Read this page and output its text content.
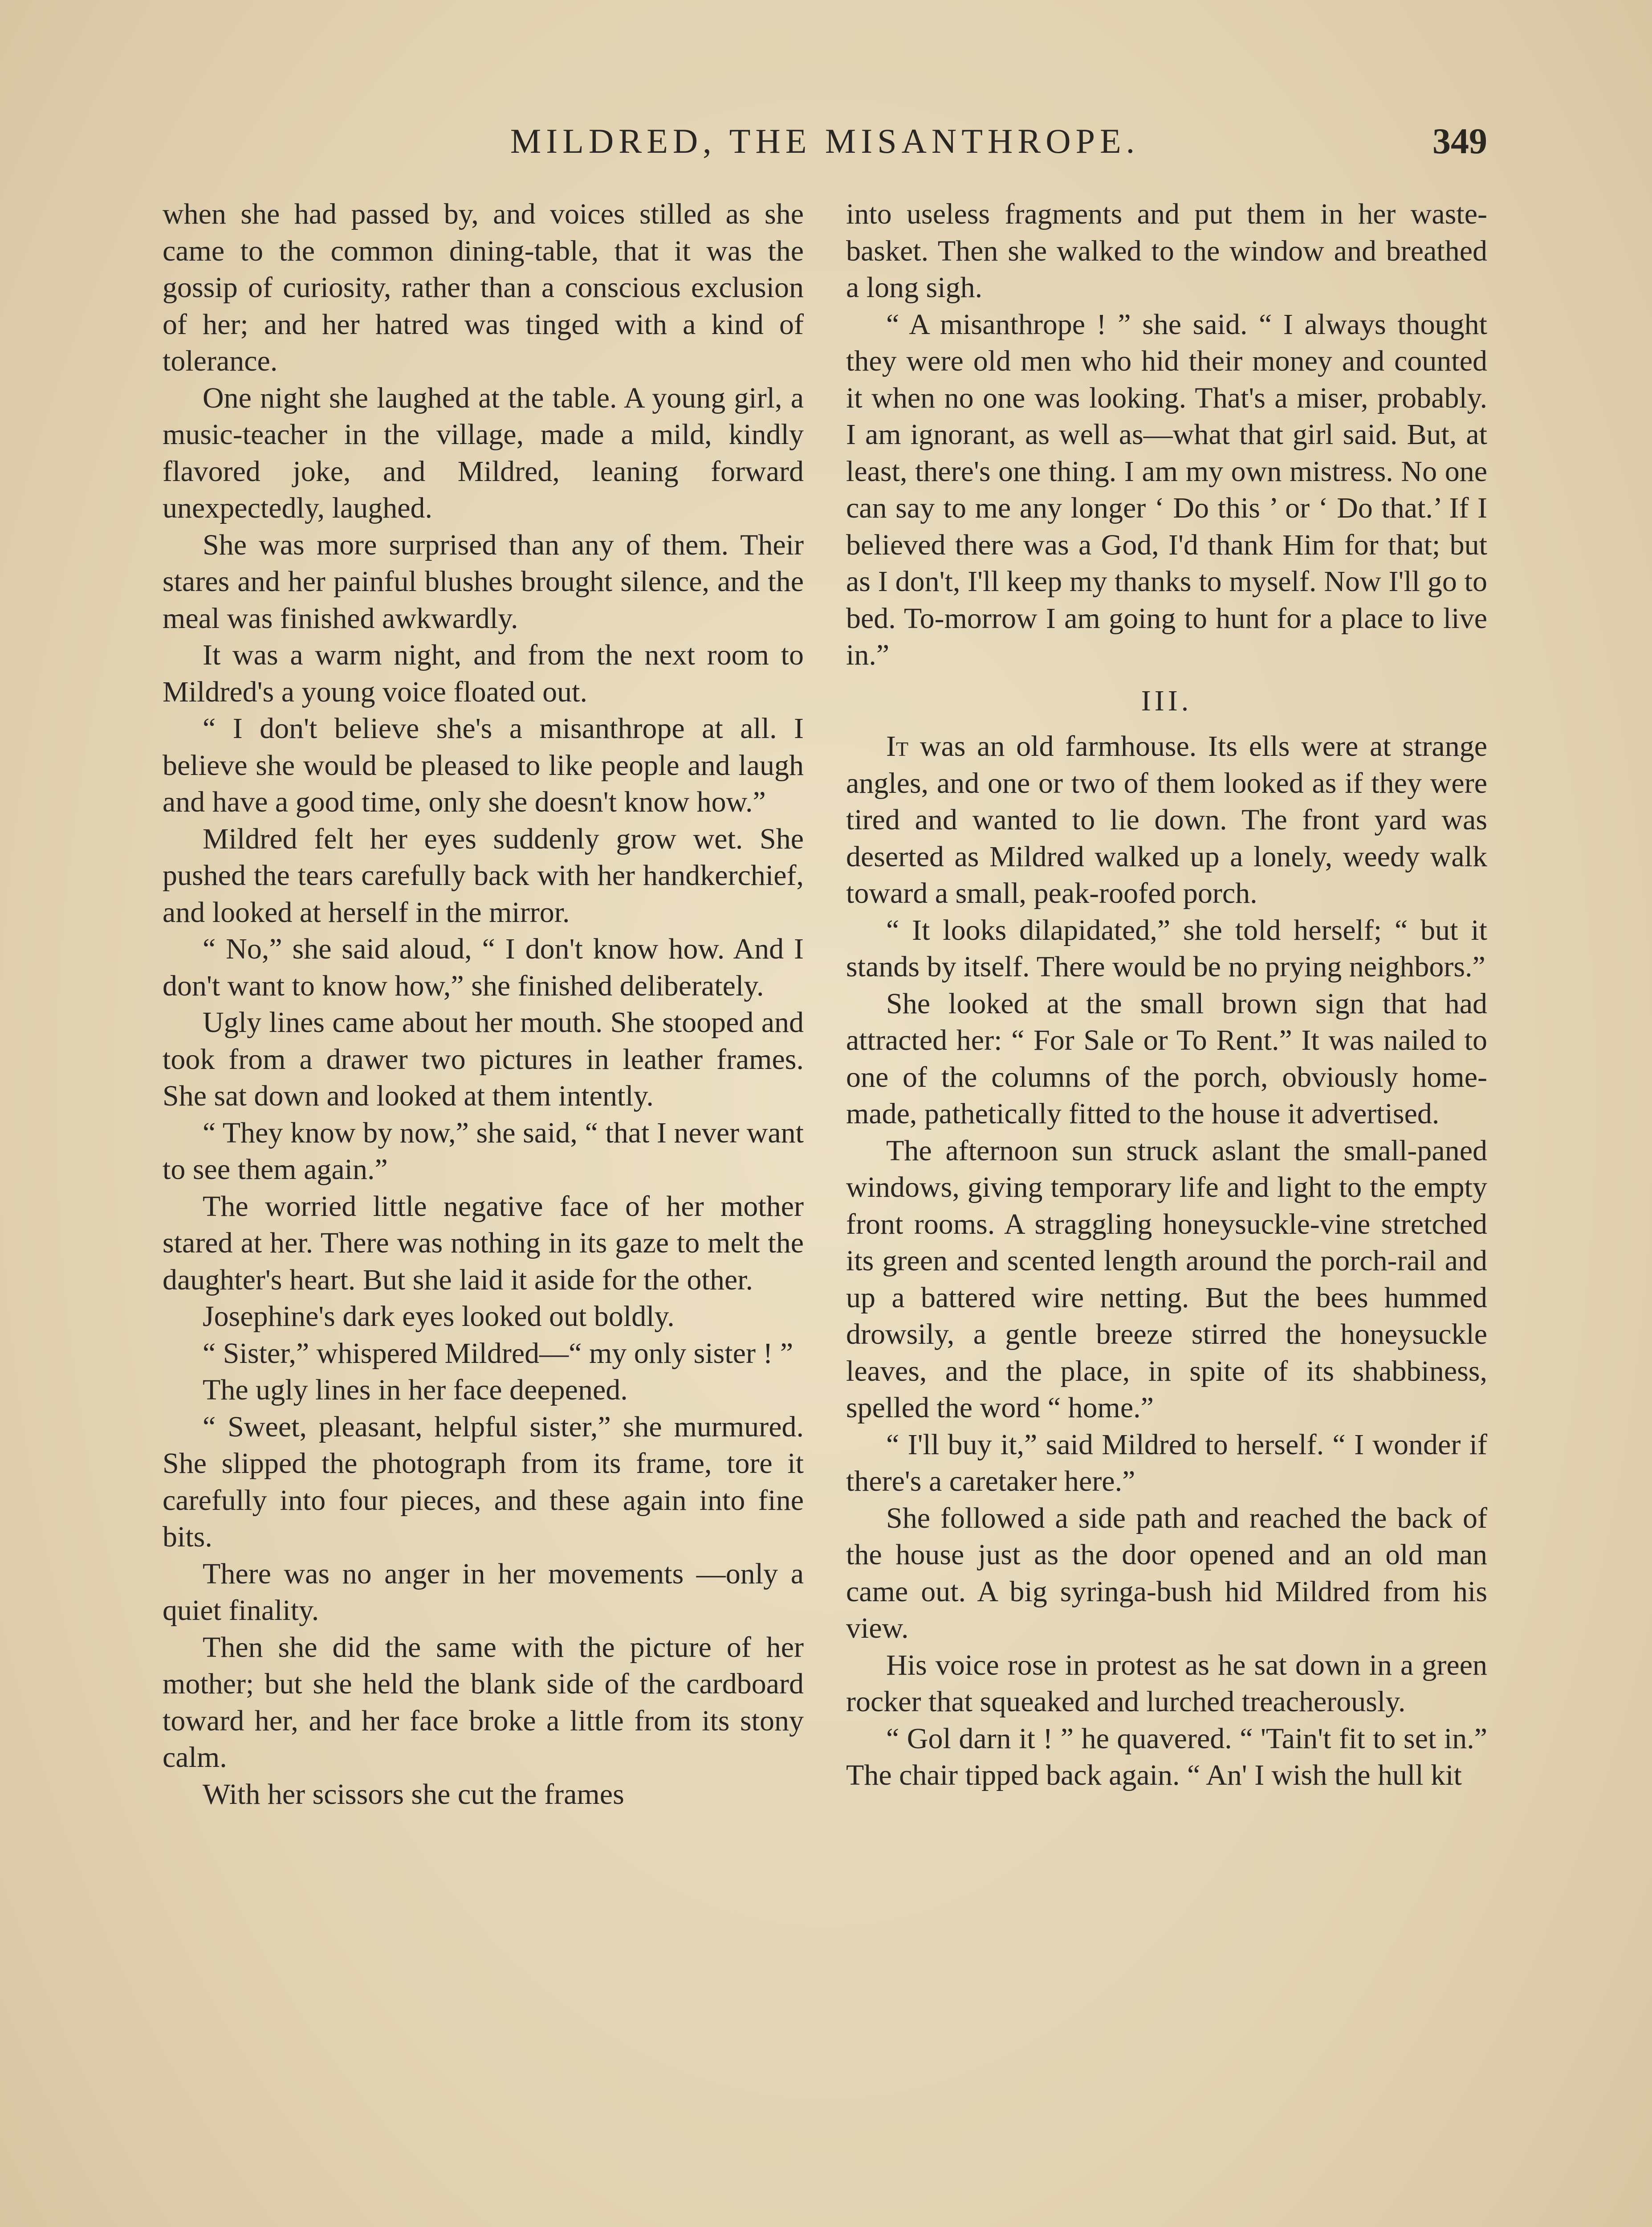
MILDRED, THE MISANTHROPE.	349

when she had passed by, and voices stilled as she came to the common dining-table, that it was the gossip of curiosity, rather than a conscious exclusion of her; and her hatred was tinged with a kind of tolerance.

One night she laughed at the table. A young girl, a music-teacher in the village, made a mild, kindly flavored joke, and Mildred, leaning forward unexpectedly, laughed.

She was more surprised than any of them. Their stares and her painful blushes brought silence, and the meal was finished awkwardly.

It was a warm night, and from the next room to Mildred's a young voice floated out.

“ I don't believe she's a misanthrope at all. I believe she would be pleased to like people and laugh and have a good time, only she doesn't know how.”

Mildred felt her eyes suddenly grow wet. She pushed the tears carefully back with her handkerchief, and looked at herself in the mirror.

“ No,” she said aloud, “ I don't know how. And I don't want to know how,” she finished deliberately.

Ugly lines came about her mouth. She stooped and took from a drawer two pictures in leather frames. She sat down and looked at them intently.

“ They know by now,” she said, “ that I never want to see them again.”

The worried little negative face of her mother stared at her. There was nothing in its gaze to melt the daughter's heart. But she laid it aside for the other.

Josephine's dark eyes looked out boldly.

“ Sister,” whispered Mildred—“ my only sister ! ”

The ugly lines in her face deepened.

“ Sweet, pleasant, helpful sister,” she murmured. She slipped the photograph from its frame, tore it carefully into four pieces, and these again into fine bits.

There was no anger in her movements —only a quiet finality.

Then she did the same with the picture of her mother; but she held the blank side of the cardboard toward her, and her face broke a little from its stony calm.

With her scissors she cut the frames

into useless fragments and put them in her waste-basket. Then she walked to the window and breathed a long sigh.

“ A misanthrope ! ” she said. “ I always thought they were old men who hid their money and counted it when no one was looking. That's a miser, probably. I am ignorant, as well as—what that girl said. But, at least, there's one thing. I am my own mistress. No one can say to me any longer ‘ Do this ’ or ‘ Do that.’ If I believed there was a God, I'd thank Him for that; but as I don't, I'll keep my thanks to myself. Now I'll go to bed. To-morrow I am going to hunt for a place to live in.”

III.

It was an old farmhouse. Its ells were at strange angles, and one or two of them looked as if they were tired and wanted to lie down. The front yard was deserted as Mildred walked up a lonely, weedy walk toward a small, peak-roofed porch.

“ It looks dilapidated,” she told herself; “ but it stands by itself. There would be no prying neighbors.”

She looked at the small brown sign that had attracted her: “ For Sale or To Rent.” It was nailed to one of the columns of the porch, obviously home-made, pathetically fitted to the house it advertised.

The afternoon sun struck aslant the small-paned windows, giving temporary life and light to the empty front rooms. A straggling honeysuckle-vine stretched its green and scented length around the porch-rail and up a battered wire netting. But the bees hummed drowsily, a gentle breeze stirred the honeysuckle leaves, and the place, in spite of its shabbiness, spelled the word “ home.”

“ I'll buy it,” said Mildred to herself. “ I wonder if there's a caretaker here.”

She followed a side path and reached the back of the house just as the door opened and an old man came out. A big syringa-bush hid Mildred from his view.

His voice rose in protest as he sat down in a green rocker that squeaked and lurched treacherously.

“ Gol darn it ! ” he quavered. “ 'Tain't fit to set in.” The chair tipped back again. “ An' I wish the hull kit
